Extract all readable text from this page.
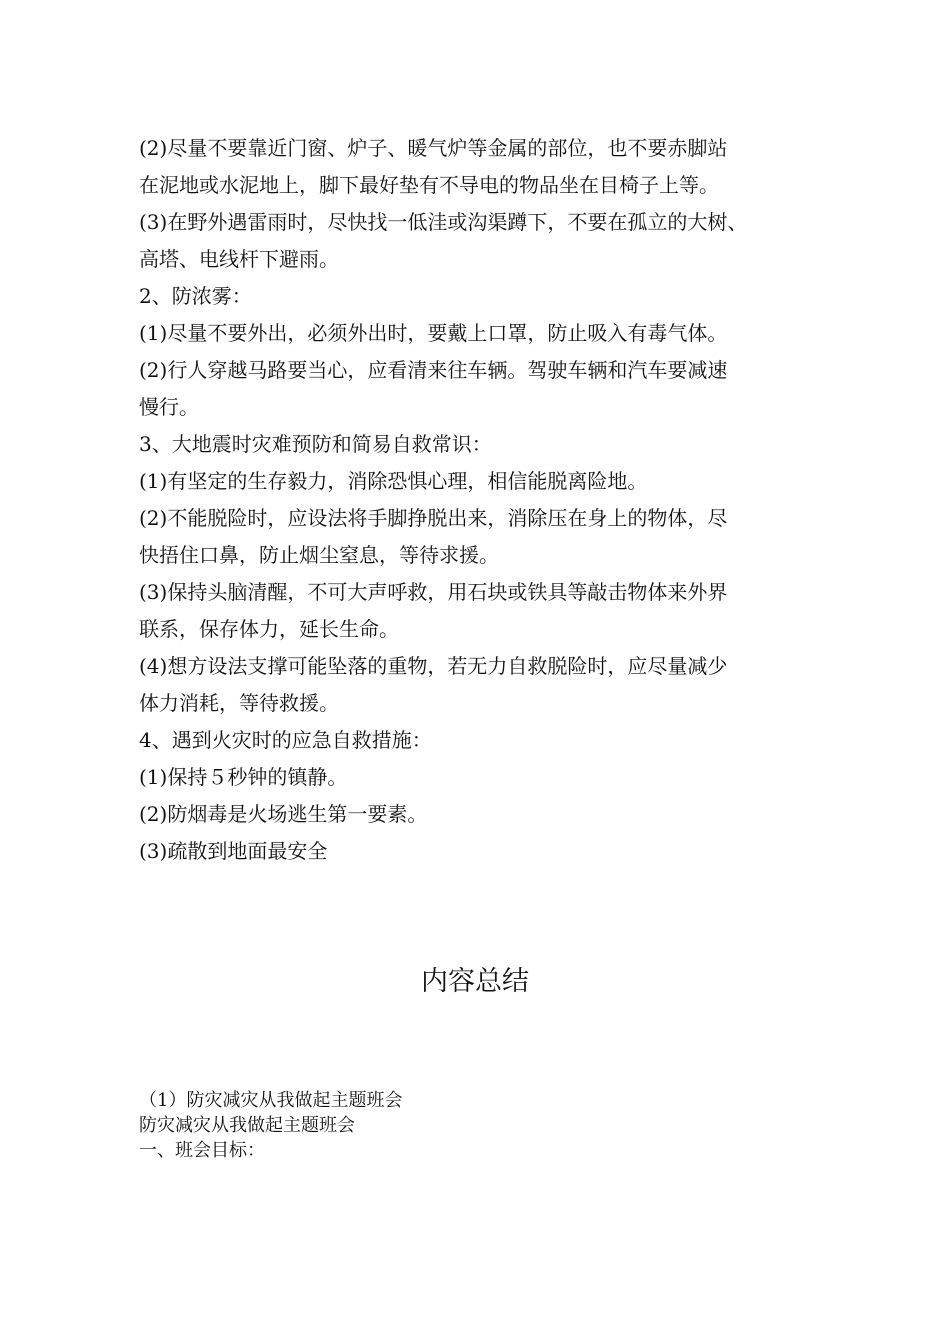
(2)尽量不要靠近门窗、炉子、暖气炉等金属的部位，也不要赤脚站

在泥地或水泥地上，脚下最好垫有不导电的物品坐在目椅子上等。

(3)在野外遇雷雨时，尽快找一低洼或沟渠蹲下，不要在孤立的大树、

高塔、电线杆下避雨。

2、防浓雾：

(1)尽量不要外出，必须外出时，要戴上口罩，防止吸入有毒气体。

(2)行人穿越马路要当心，应看清来往车辆。驾驶车辆和汽车要减速

慢行。

3、大地震时灾难预防和简易自救常识：

(1)有坚定的生存毅力，消除恐惧心理，相信能脱离险地。

(2)不能脱险时，应设法将手脚挣脱出来，消除压在身上的物体，尽

快捂住口鼻，防止烟尘窒息，等待求援。

(3)保持头脑清醒，不可大声呼救，用石块或铁具等敲击物体来外界

联系，保存体力，延长生命。

(4)想方设法支撑可能坠落的重物，若无力自救脱险时，应尽量减少

体力消耗，等待救援。

4、遇到火灾时的应急自救措施：

(1)保持５秒钟的镇静。

(2)防烟毒是火场逃生第一要素。

(3)疏散到地面最安全

内容总结

（1）防灾减灾从我做起主题班会

防灾减灾从我做起主题班会

一、班会目标：
